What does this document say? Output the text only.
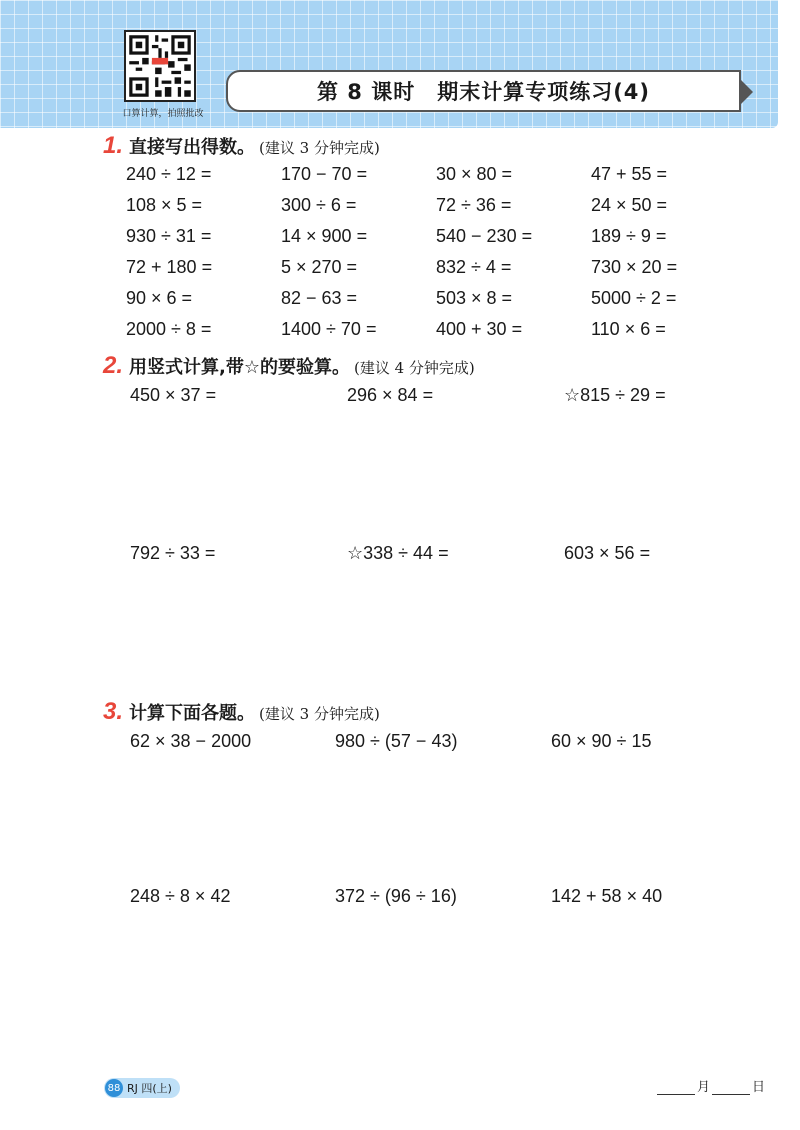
口算计算，拍照批改
第 8 课时　期末计算专项练习(4)
1. 直接写出得数。 (建议 3 分钟完成)
240 ÷ 12 =	170 − 70 =	30 × 80 =	47 + 55 =
108 × 5 =	300 ÷ 6 =	72 ÷ 36 =	24 × 50 =
930 ÷ 31 =	14 × 900 =	540 − 230 =	189 ÷ 9 =
72 + 180 =	5 × 270 =	832 ÷ 4 =	730 × 20 =
90 × 6 =	82 − 63 =	503 × 8 =	5000 ÷ 2 =
2000 ÷ 8 =	1400 ÷ 70 =	400 + 30 =	110 × 6 =
2. 用竖式计算,带☆的要验算。 (建议 4 分钟完成)
450 × 37 =	296 × 84 =	☆815 ÷ 29 =
792 ÷ 33 =	☆338 ÷ 44 =	603 × 56 =
3. 计算下面各题。 (建议 3 分钟完成)
62 × 38 − 2000	980 ÷ (57 − 43)	60 × 90 ÷ 15
248 ÷ 8 × 42	372 ÷ (96 ÷ 16)	142 + 58 × 40
88 RJ 四(上)	月	日
